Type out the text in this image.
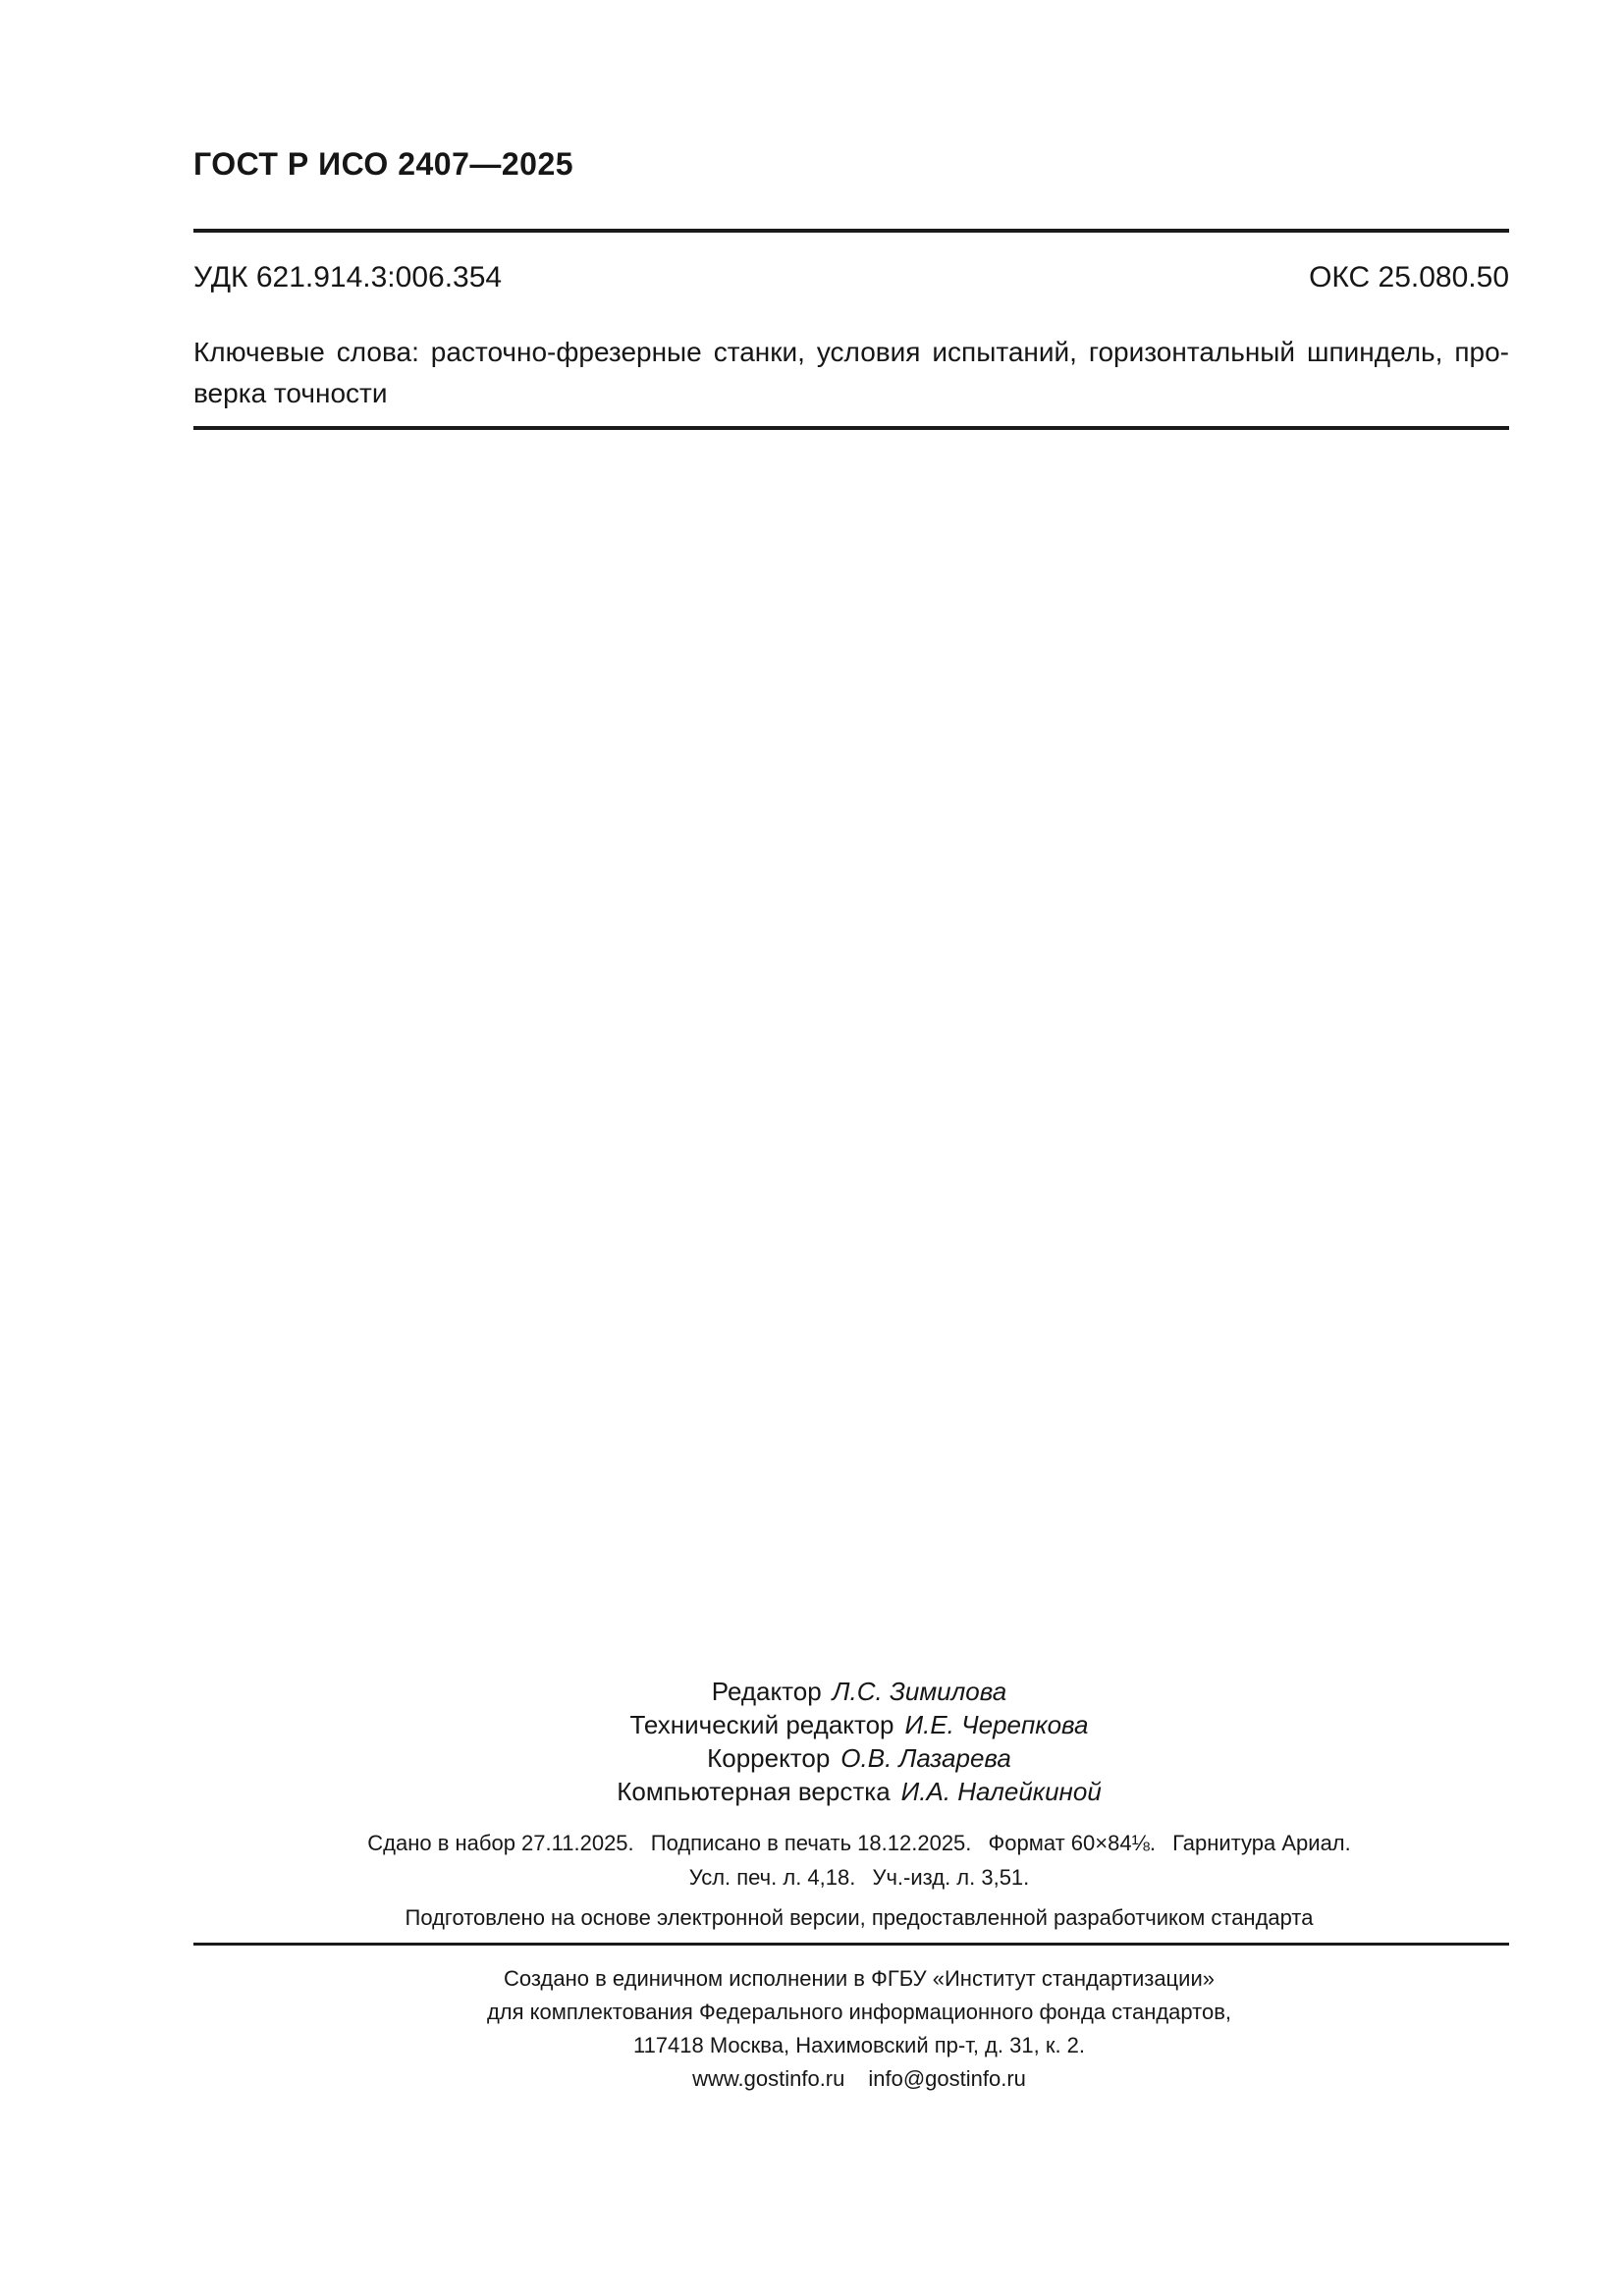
ГОСТ Р ИСО 2407—2025
УДК 621.914.3:006.354	ОКС 25.080.50
Ключевые слова: расточно-фрезерные станки, условия испытаний, горизонтальный шпиндель, про-
верка точности
Редактор Л.С. Зимилова
Технический редактор И.Е. Черепкова
Корректор О.В. Лазарева
Компьютерная верстка И.А. Налейкиной
Сдано в набор 27.11.2025.  Подписано в печать 18.12.2025.  Формат 60×84⅛.  Гарнитура Ариал.
Усл. печ. л. 4,18.  Уч.-изд. л. 3,51.
Подготовлено на основе электронной версии, предоставленной разработчиком стандарта
Создано в единичном исполнении в ФГБУ «Институт стандартизации»
для комплектования Федерального информационного фонда стандартов,
117418 Москва, Нахимовский пр-т, д. 31, к. 2.
www.gostinfo.ru info@gostinfo.ru
